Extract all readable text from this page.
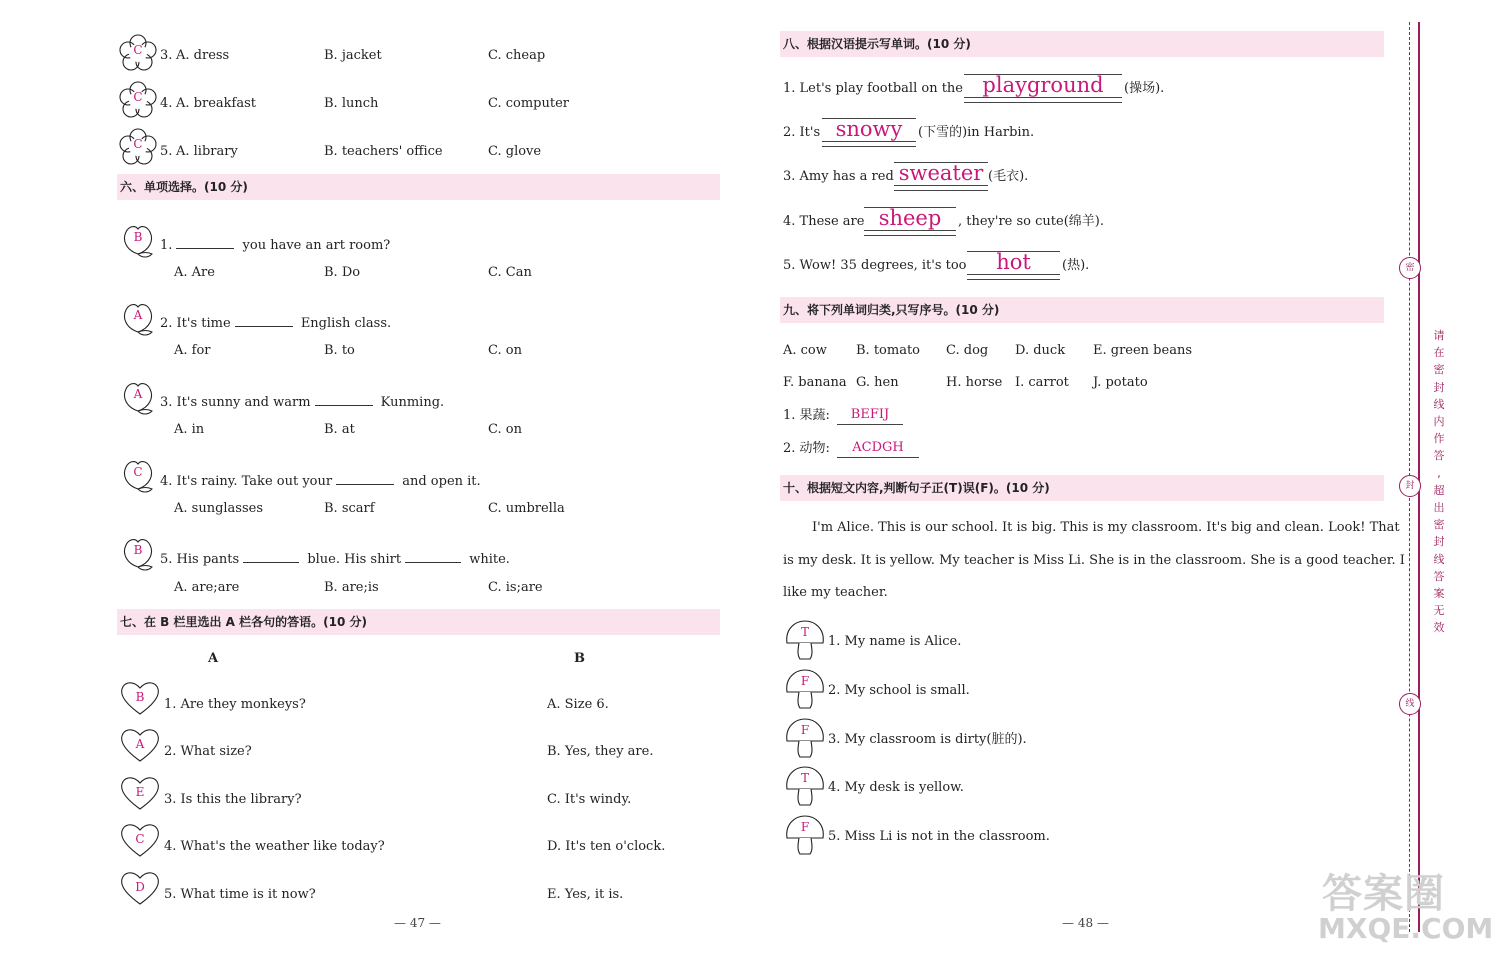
C	3. A. dress	B. jacket	C. cheap
C	4. A. breakfast	B. lunch	C. computer
C	5. A. library	B. teachers' office	C. glove
六、单项选择。(10 分)
B
1.	you have an art room?
A. Are	B. Do	C. Can
A
2. It's time	English class.
A. for	B. to	C. on
A
3. It's sunny and warm	Kunming.
A. in	B. at	C. on
C
4. It's rainy. Take out your	and open it.
A. sunglasses	B. scarf	C. umbrella
B
5. His pants	blue. His shirt	white.
A. are;are	B. are;is	C. is;are
七、在 B 栏里选出 A 栏各句的答语。(10 分)
A	B
B	1. Are they monkeys?	A. Size 6.
A	2. What size?	B. Yes, they are.
E	3. Is this the library?	C. It's windy.
C	4. What's the weather like today?	D. It's ten o'clock.
D	5. What time is it now?	E. Yes, it is.
— 47 —
八、根据汉语提示写单词。(10 分)
1. Let's play football on the playground	(操场).
2. It's snowy	(下雪的)in Harbin.
3. Amy has a red sweater (毛衣).
4. These are sheep	, they're so cute(绵羊).
5. Wow! 35 degrees, it's too	hot	(热).
九、将下列单词归类,只写序号。(10 分)
A. cow B. tomato C. dog D. duck E. green beans
F. banana G. hen	H. horse I. carrot J. potato
1. 果蔬:	BEFIJ
2. 动物:	ACDGH
十、根据短文内容,判断句子正(T)误(F)。(10 分)
I'm Alice. This is our school. It is big. This is my classroom. It's big and clean. Look! That
is my desk. It is yellow. My teacher is Miss Li. She is in the classroom. She is a good teacher. I
like my teacher.
T
1. My name is Alice.
F
2. My school is small.
F
3. My classroom is dirty(脏的).
T
4. My desk is yellow.
F
5. Miss Li is not in the classroom.
— 48 —
密
封
线
请
在
密
封
线
内
作
答
,
超
出
密
封
线
答
案
无
效
答案圈
MXQE.COM
